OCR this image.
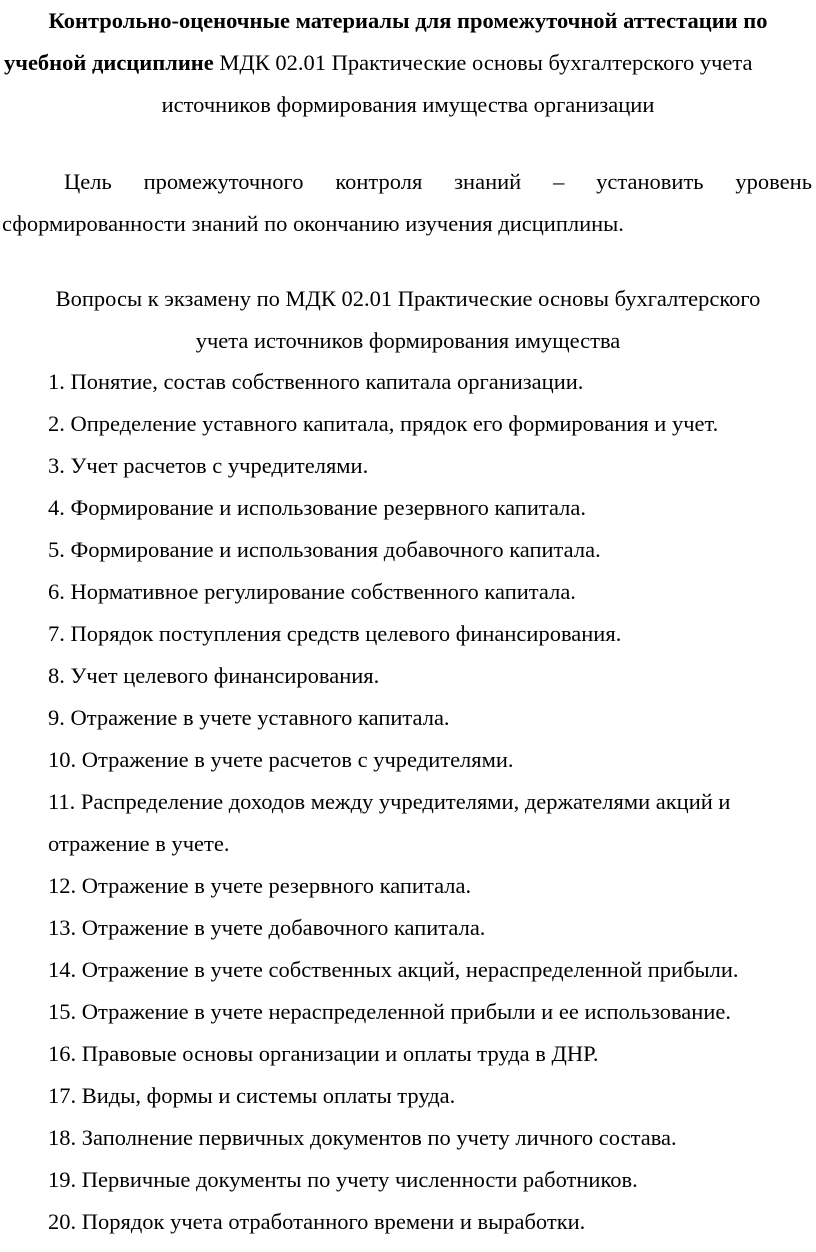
Контрольно-оценочные материалы для промежуточной аттестации по
учебной дисциплине МДК 02.01 Практические основы бухгалтерского учета
источников формирования имущества организации
Цель промежуточного контроля знаний – установить уровень
сформированности знаний по окончанию изучения дисциплины.
Вопросы к экзамену по МДК 02.01 Практические основы бухгалтерского
учета источников формирования имущества
1. Понятие, состав собственного капитала организации.
2. Определение уставного капитала, прядок его формирования и учет.
3. Учет расчетов с учредителями.
4. Формирование и использование резервного капитала.
5. Формирование и использования добавочного капитала.
6. Нормативное регулирование собственного капитала.
7. Порядок поступления средств целевого финансирования.
8. Учет целевого финансирования.
9. Отражение в учете уставного капитала.
10. Отражение в учете расчетов с учредителями.
11. Распределение доходов между учредителями, держателями акций и отражение в учете.
12. Отражение в учете резервного капитала.
13. Отражение в учете добавочного капитала.
14. Отражение в учете собственных акций, нераспределенной прибыли.
15. Отражение в учете нераспределенной прибыли и ее использование.
16. Правовые основы организации и оплаты труда в ДНР.
17. Виды, формы и системы оплаты труда.
18. Заполнение первичных документов по учету личного состава.
19. Первичные документы по учету численности работников.
20. Порядок учета отработанного времени и выработки.
